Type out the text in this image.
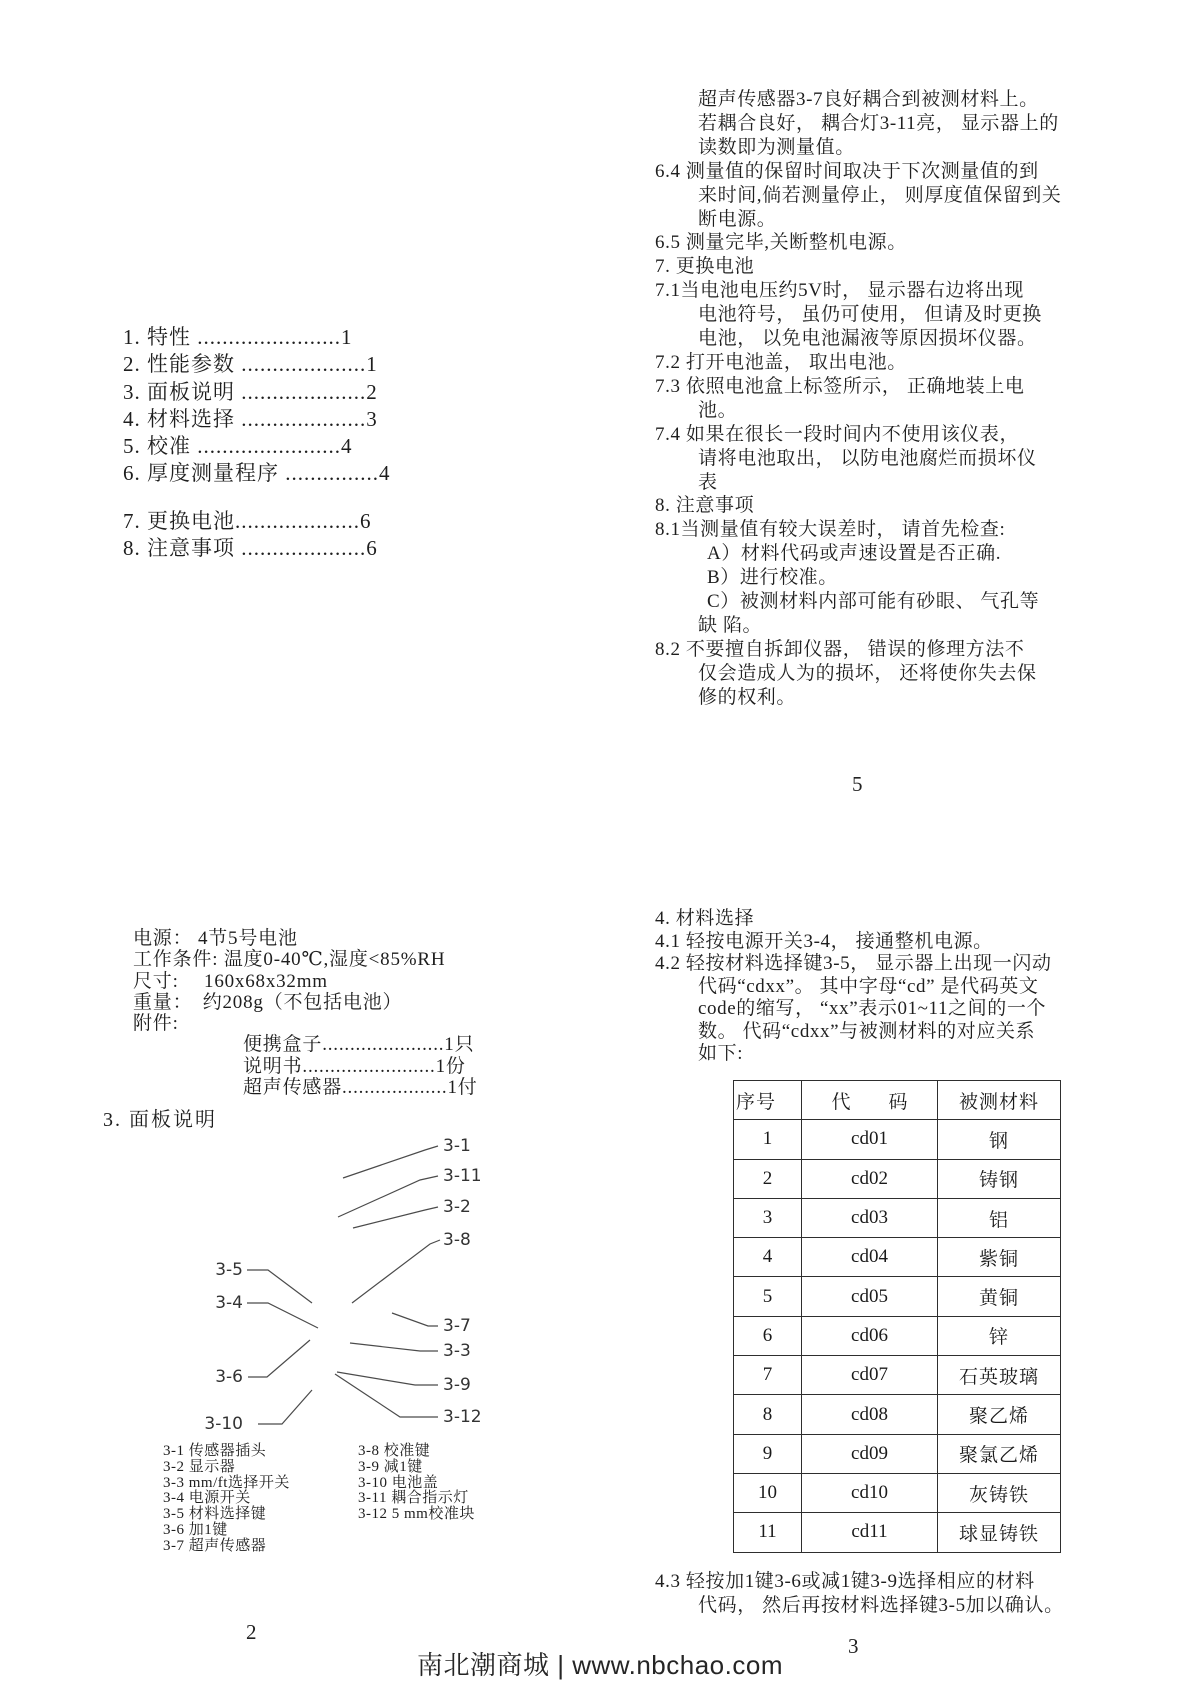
1. 特性 .......................1
2. 性能参数 ....................1
3. 面板说明 ....................2
4. 材料选择 ....................3
5. 校准 .......................4
6. 厚度测量程序 ...............4
7. 更换电池....................6
8. 注意事项 ....................6
超声传感器3-7良好耦合到被测材料上。
若耦合良好， 耦合灯3-11亮， 显示器上的
读数即为测量值。
6.4 测量值的保留时间取决于下次测量值的到
来时间,倘若测量停止， 则厚度值保留到关
断电源。
6.5 测量完毕,关断整机电源。
7. 更换电池
7.1当电池电压约5V时， 显示器右边将出现
电池符号， 虽仍可使用， 但请及时更换
电池， 以免电池漏液等原因损坏仪器。
7.2 打开电池盖， 取出电池。
7.3 依照电池盒上标签所示， 正确地装上电
池。
7.4 如果在很长一段时间内不使用该仪表，
请将电池取出， 以防电池腐烂而损坏仪
表
8. 注意事项
8.1当测量值有较大误差时， 请首先检查:
A）材料代码或声速设置是否正确.
B）进行校准。
C）被测材料内部可能有砂眼、 气孔等
缺 陷。
8.2 不要擅自拆卸仪器， 错误的修理方法不
仅会造成人为的损坏， 还将使你失去保
修的权利。
5
电源： 4节5号电池
工作条件: 温度0-40℃,湿度<85%RH
尺寸:　 160x68x32mm
重量：　约208g（不包括电池）
附件:
便携盒子......................1只
说明书........................1份
超声传感器...................1付
3. 面板说明
3-1
3-11
3-2
3-8
3-5
3-4
3-7
3-3
3-6	3-9
3-10	3-12
3-1 传感器插头
3-2 显示器
3-3 mm/ft选择开关
3-4 电源开关
3-5 材料选择键
3-6 加1键
3-7 超声传感器
3-8 校准键
3-9 减1键
3-10 电池盖
3-11 耦合指示灯
3-12 5 mm校准块
2
4. 材料选择
4.1 轻按电源开关3-4， 接通整机电源。
4.2 轻按材料选择键3-5， 显示器上出现一闪动
代码“cdxx”。 其中字母“cd” 是代码英文
code的缩写， “xx”表示01~11之间的一个
数。 代码“cdxx”与被测材料的对应关系
如下:
序号	代　　码	被测材料
1	cd01	钢
2	cd02	铸钢
3	cd03	铝
4	cd04	紫铜
5	cd05	黄铜
6	cd06	锌
7	cd07	石英玻璃
8	cd08	聚乙烯
9	cd09	聚氯乙烯
10	cd10	灰铸铁
11	cd11	球显铸铁
4.3 轻按加1键3-6或减1键3-9选择相应的材料
代码， 然后再按材料选择键3-5加以确认。
3
南北潮商城 | www.nbchao.com
